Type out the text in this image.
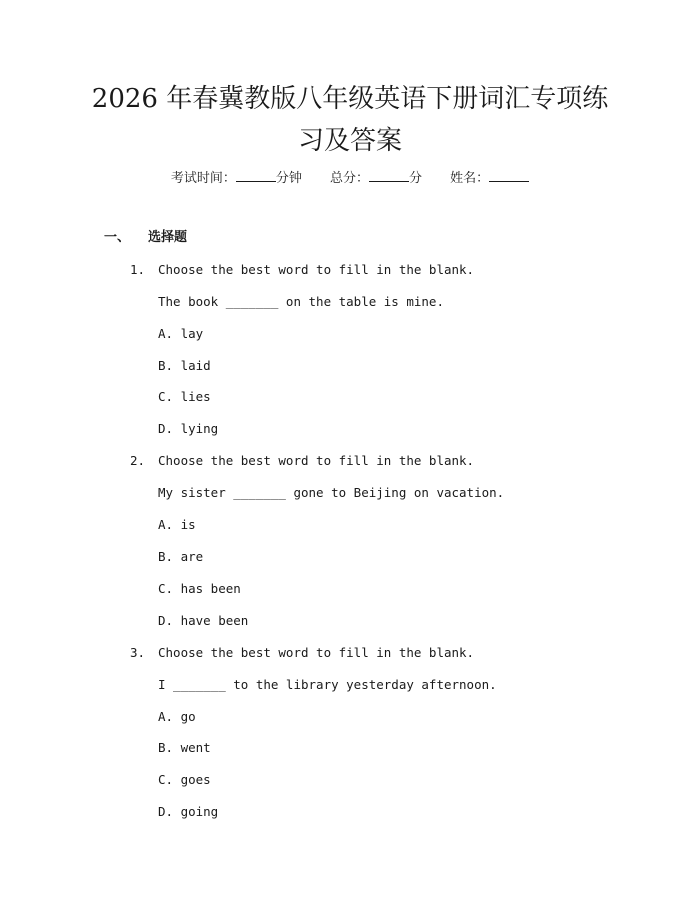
2026 年春冀教版八年级英语下册词汇专项练
习及答案
考试时间：	分钟 总分：	分 姓名：
一、 选择题
1. Choose the best word to fill in the blank.
The book _______ on the table is mine.
A. lay
B. laid
C. lies
D. lying
2. Choose the best word to fill in the blank.
My sister _______ gone to Beijing on vacation.
A. is
B. are
C. has been
D. have been
3. Choose the best word to fill in the blank.
I _______ to the library yesterday afternoon.
A. go
B. went
C. goes
D. going
